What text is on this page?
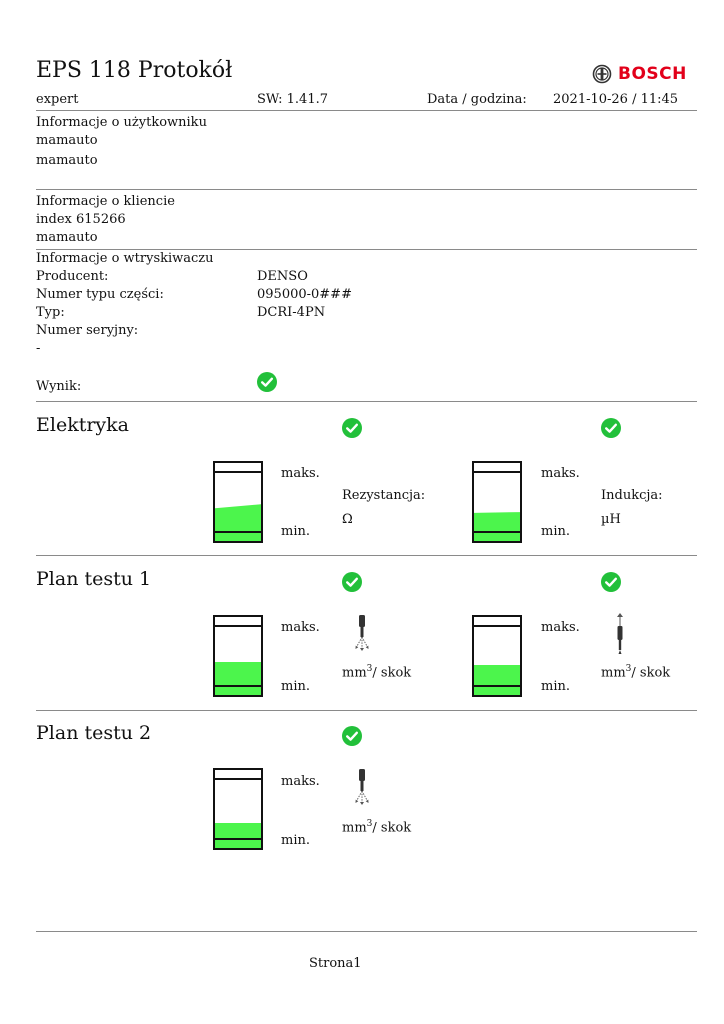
EPS 118 Protokół	BOSCH
expert	SW: 1.41.7	Data / godzina: 2021-10-26 / 11:45
Informacje o użytkowniku
mamauto
mamauto
Informacje o kliencie
index 615266
mamauto
Informacje o wtryskiwaczu
Producent:	DENSO
Numer typu części:	095000-0###
Typ:	DCRI-4PN
Numer seryjny:
-
Wynik:
Elektryka
maks.
min.
Rezystancja:
Ω
maks.
min.
Indukcja:
µH
Plan testu 1
maks.
min.
$mm^3/$ skok
maks.
min.
$mm^3/$ skok
Plan testu 2
maks.
min.
$mm^3/$ skok
Strona1
